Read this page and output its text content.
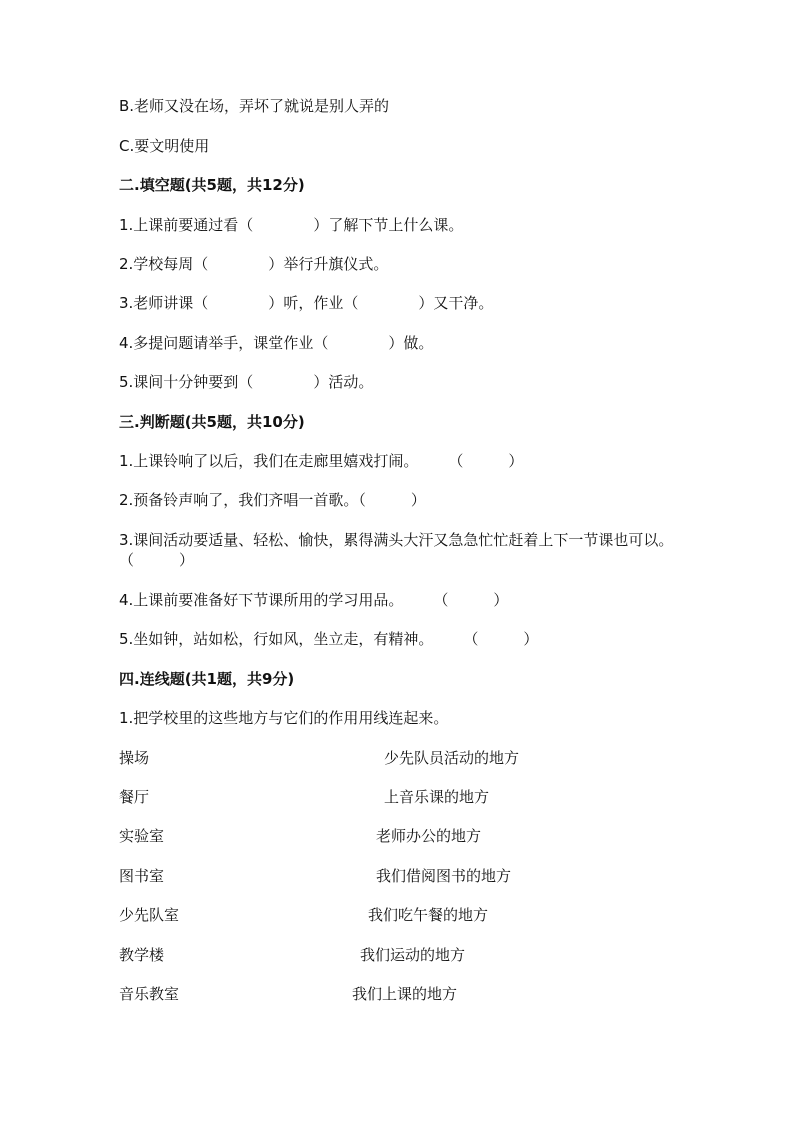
B.老师又没在场，弄坏了就说是别人弄的
C.要文明使用
二.填空题(共5题，共12分)
1.上课前要通过看（　　　　）了解下节上什么课。
2.学校每周（　　　　）举行升旗仪式。
3.老师讲课（　　　　）听，作业（　　　　）又干净。
4.多提问题请举手，课堂作业（　　　　）做。
5.课间十分钟要到（　　　　）活动。
三.判断题(共5题，共10分)
1.上课铃响了以后，我们在走廊里嬉戏打闹。　　　（　　　）
2.预备铃声响了，我们齐唱一首歌。（　　　）
3.课间活动要适量、轻松、愉快，累得满头大汗又急急忙忙赶着上下一节课也可以。　　　（　　　）
4.上课前要准备好下节课所用的学习用品。　　　（　　　）
5.坐如钟，站如松，行如风，坐立走，有精神。　　　（　　　）
四.连线题(共1题，共9分)
1.把学校里的这些地方与它们的作用用线连起来。
操场
餐厅
实验室
图书室
少先队室
教学楼
音乐教室
少先队员活动的地方
上音乐课的地方
老师办公的地方
我们借阅图书的地方
我们吃午餐的地方
我们运动的地方
我们上课的地方
